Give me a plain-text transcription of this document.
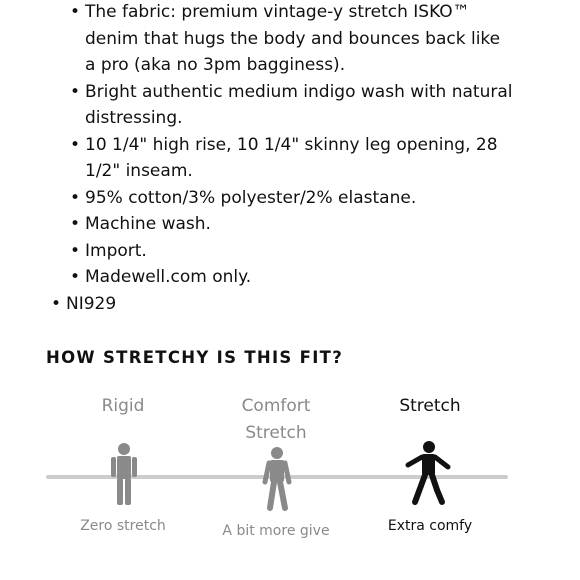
• The fabric: premium vintage-y stretch ISKO™ denim that hugs the body and bounces back like a pro (aka no 3pm bagginess).
• Bright authentic medium indigo wash with natural distressing.
• 10 1/4" high rise, 10 1/4" skinny leg opening, 28 1/2" inseam.
• 95% cotton/3% polyester/2% elastane.
• Machine wash.
• Import.
• Madewell.com only.
• NI929
HOW STRETCHY IS THIS FIT?
Rigid
Zero stretch
Comfort Stretch
A bit more give
Stretch
Extra comfy
